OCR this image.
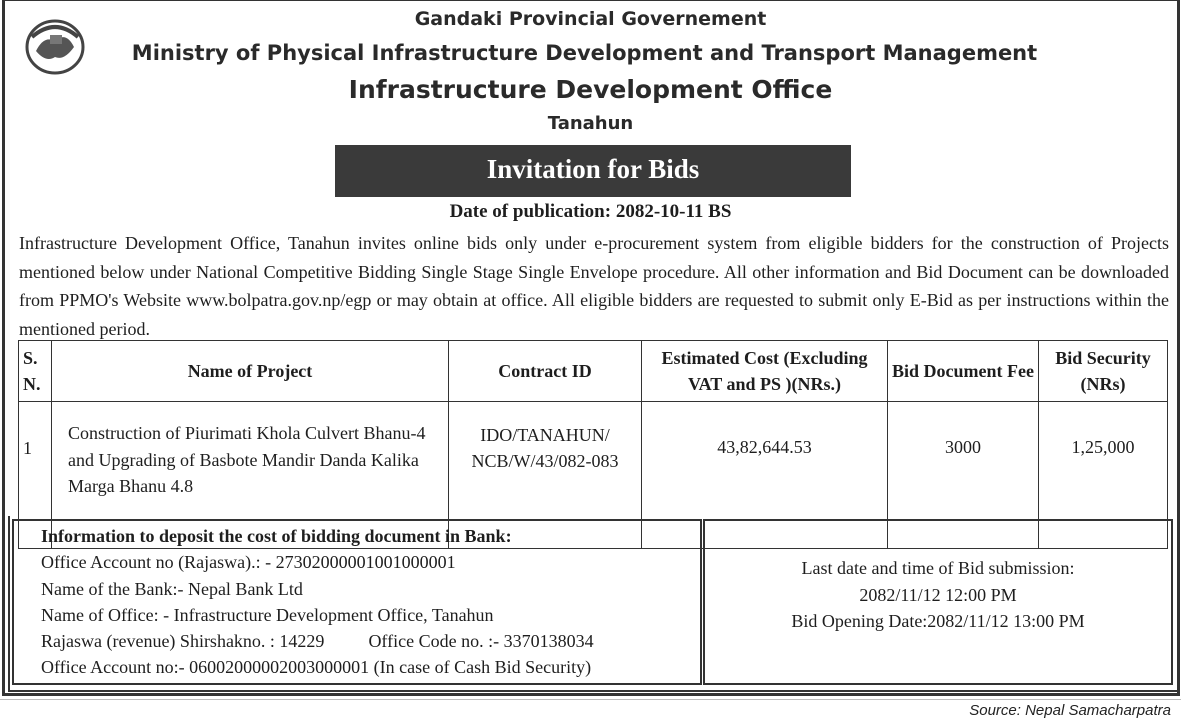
Gandaki Provincial Governement
Ministry of Physical Infrastructure Development and Transport Management
Infrastructure Development Office
Tanahun
Invitation for Bids
Date of publication: 2082-10-11 BS
Infrastructure Development Office, Tanahun invites online bids only under e-procurement system from eligible bidders for the construction of Projects mentioned below under National Competitive Bidding Single Stage Single Envelope procedure. All other information and Bid Document can be downloaded from PPMO's Website www.bolpatra.gov.np/egp or may obtain at office. All eligible bidders are requested to submit only E-Bid as per instructions within the mentioned period.
S. N.	Name of Project	Contract ID	Estimated Cost (Excluding VAT and PS )(NRs.)	Bid Document Fee	Bid Security (NRs)
1	Construction of Piurimati Khola Culvert Bhanu-4 and Upgrading of Basbote Mandir Danda Kalika Marga Bhanu 4.8	IDO/TANAHUN/ NCB/W/43/082-083	43,82,644.53	3000	1,25,000
Information to deposit the cost of bidding document in Bank:
Office Account no (Rajaswa).: - 27302000001001000001
Name of the Bank:- Nepal Bank Ltd
Name of Office: - Infrastructure Development Office, Tanahun
Rajaswa (revenue) Shirshakno. : 14229 Office Code no. :- 3370138034
Office Account no:- 06002000002003000001 (In case of Cash Bid Security)
Last date and time of Bid submission:
2082/11/12 12:00 PM
Bid Opening Date:2082/11/12 13:00 PM
Source: Nepal Samacharpatra
